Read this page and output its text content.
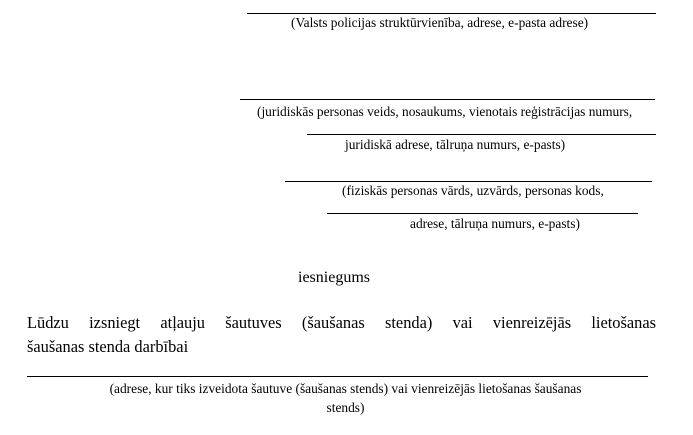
(Valsts policijas struktūrvienība, adrese, e-pasta adrese)
(juridiskās personas veids, nosaukums, vienotais reģistrācijas numurs,
juridiskā adrese, tālruņa numurs, e-pasts)
(fiziskās personas vārds, uzvārds, personas kods,
adrese, tālruņa numurs, e-pasts)
iesniegums
Lūdzu izsniegt atļauju šautuves (šaušanas stenda) vai vienreizējās lietošanas
šaušanas stenda darbībai
(adrese, kur tiks izveidota šautuve (šaušanas stends) vai vienreizējās lietošanas šaušanas
stends)
